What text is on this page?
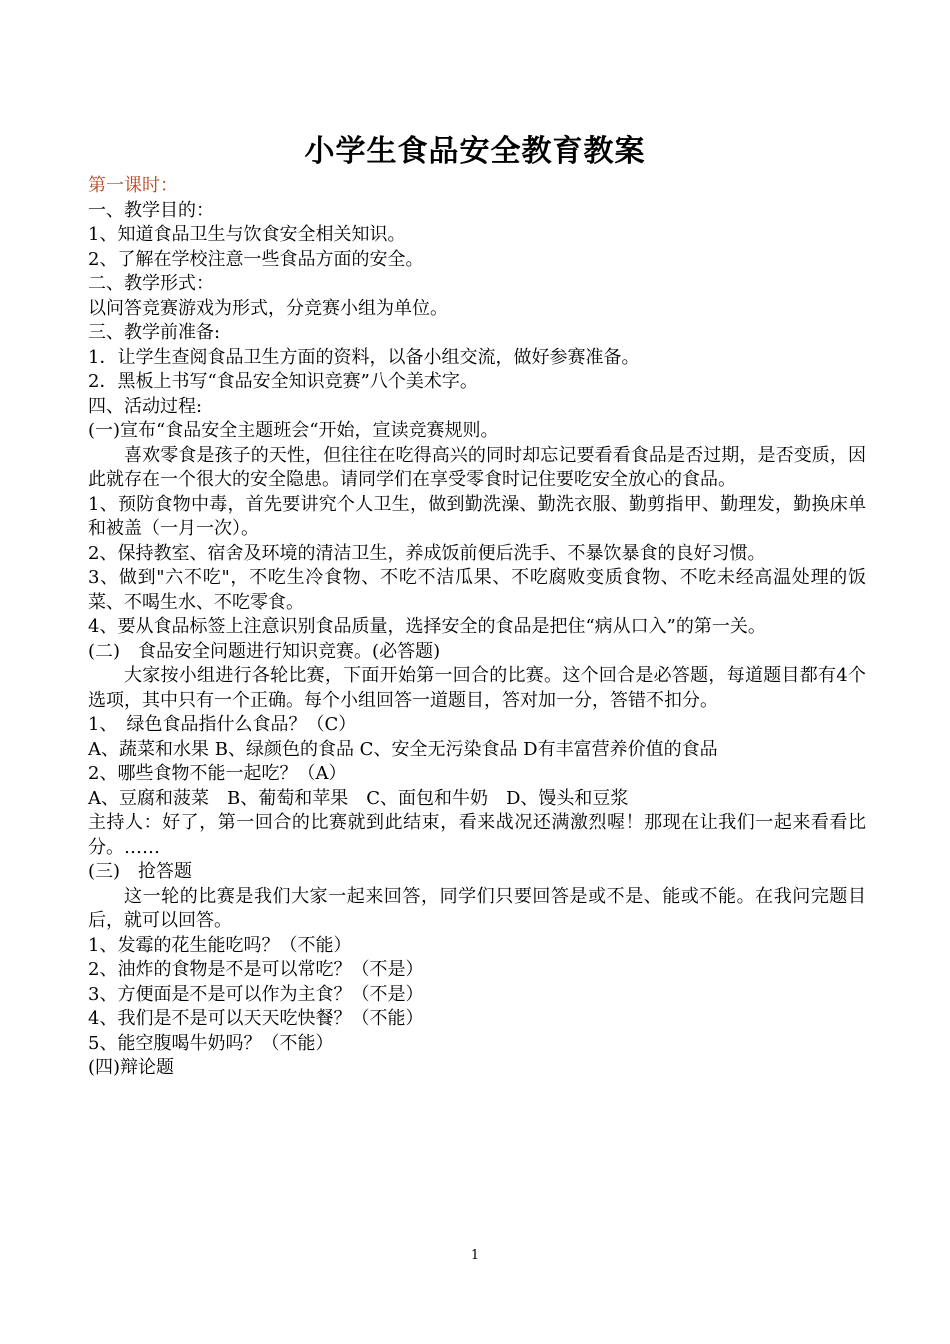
小学生食品安全教育教案

第一课时：

一、教学目的：

1、知道食品卫生与饮食安全相关知识。

2、了解在学校注意一些食品方面的安全。

二、教学形式：

以问答竞赛游戏为形式，分竞赛小组为单位。

三、教学前准备:

1．让学生查阅食品卫生方面的资料，以备小组交流，做好参赛准备。

2．黑板上书写“食品安全知识竞赛”八个美术字。

四、活动过程:

(一)宣布“食品安全主题班会“开始，宣读竞赛规则。

喜欢零食是孩子的天性，但往往在吃得高兴的同时却忘记要看看食品是否过期，是否变质，因此就存在一个很大的安全隐患。请同学们在享受零食时记住要吃安全放心的食品。

1、预防食物中毒，首先要讲究个人卫生，做到勤洗澡、勤洗衣服、勤剪指甲、勤理发，勤换床单和被盖（一月一次）。

2、保持教室、宿舍及环境的清洁卫生，养成饭前便后洗手、不暴饮暴食的良好习惯。

3、做到"六不吃"，不吃生冷食物、不吃不洁瓜果、不吃腐败变质食物、不吃未经高温处理的饭菜、不喝生水、不吃零食。

4、要从食品标签上注意识别食品质量，选择安全的食品是把住“病从口入”的第一关。

(二)　食品安全问题进行知识竞赛。(必答题)

大家按小组进行各轮比赛，下面开始第一回合的比赛。这个回合是必答题，每道题目都有4个选项，其中只有一个正确。每个小组回答一道题目，答对加一分，答错不扣分。

1、　绿色食品指什么食品？（C）

A、蔬菜和水果 B、绿颜色的食品 C、安全无污染食品 D有丰富营养价值的食品

2、哪些食物不能一起吃？（A）

A、豆腐和菠菜　B、葡萄和苹果　C、面包和牛奶　D、馒头和豆浆

主持人：好了，第一回合的比赛就到此结束，看来战况还满激烈喔！那现在让我们一起来看看比分。……

(三)　抢答题

这一轮的比赛是我们大家一起来回答，同学们只要回答是或不是、能或不能。在我问完题目后，就可以回答。

1、发霉的花生能吃吗？（不能）

2、油炸的食物是不是可以常吃？（不是）

3、方便面是不是可以作为主食？（不是）

4、我们是不是可以天天吃快餐？（不能）

5、能空腹喝牛奶吗？（不能）

(四)辩论题

1
